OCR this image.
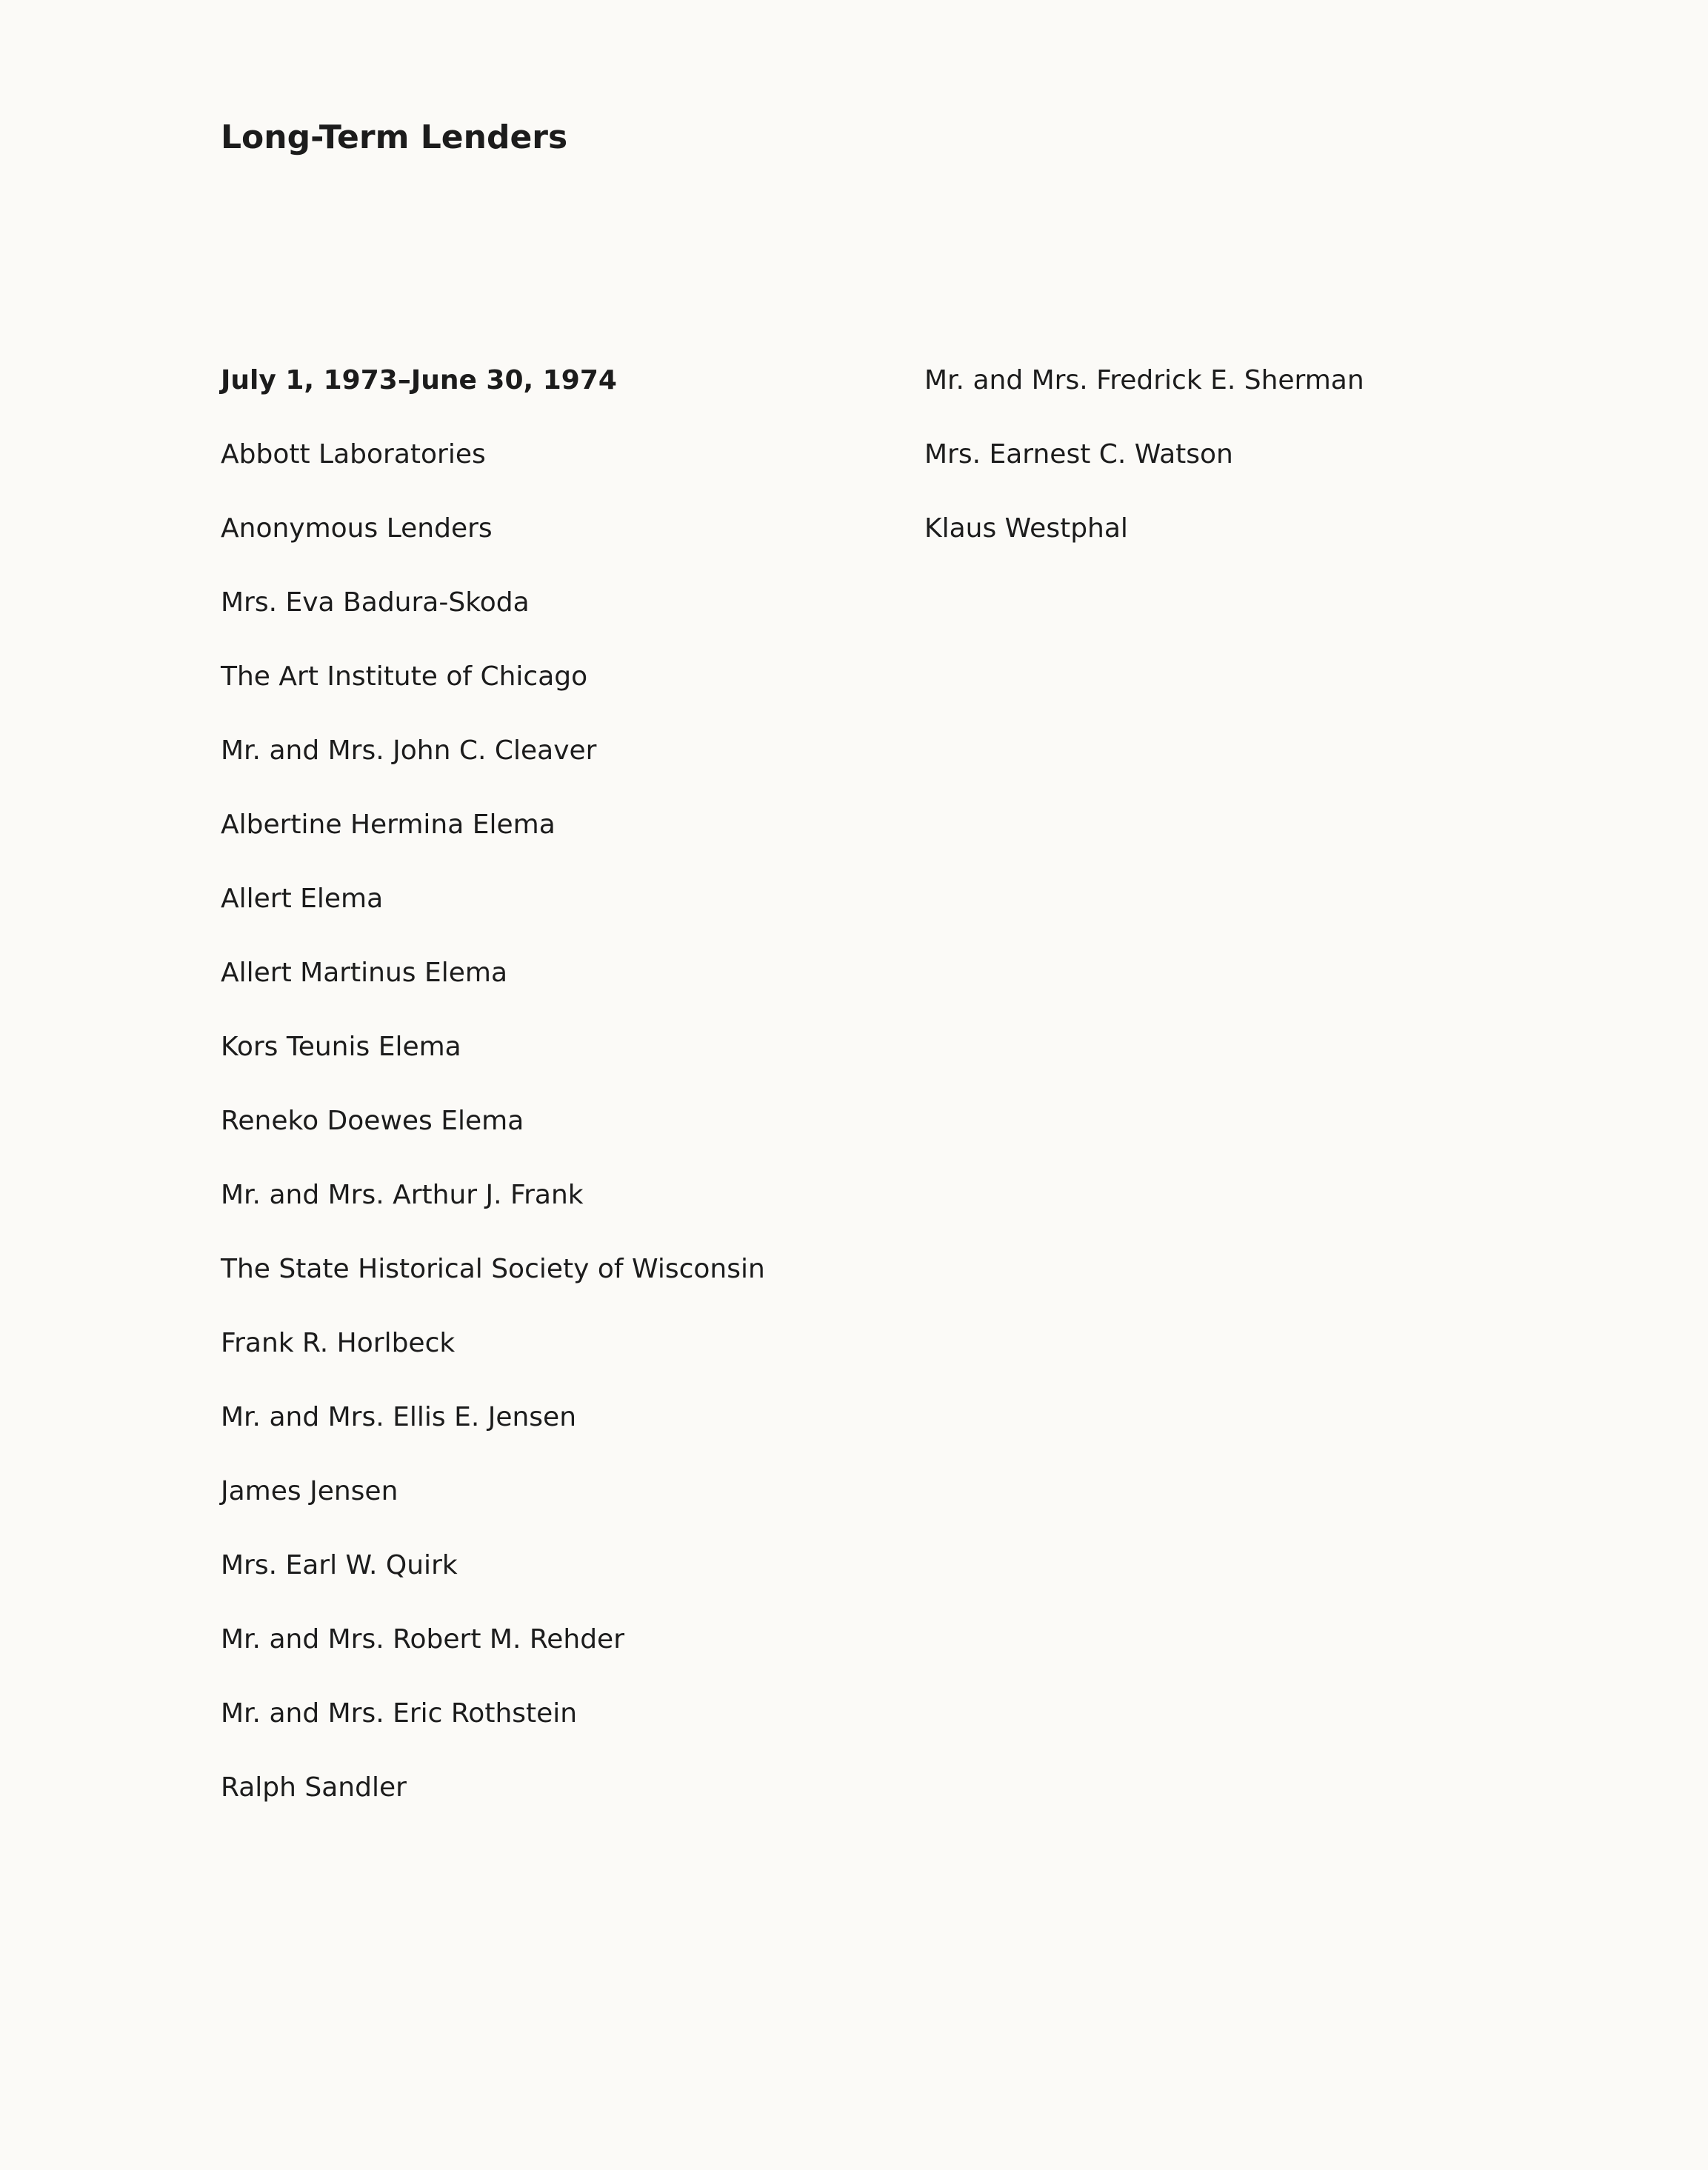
Long-Term Lenders
July 1, 1973–June 30, 1974
Abbott Laboratories
Anonymous Lenders
Mrs. Eva Badura-Skoda
The Art Institute of Chicago
Mr. and Mrs. John C. Cleaver
Albertine Hermina Elema
Allert Elema
Allert Martinus Elema
Kors Teunis Elema
Reneko Doewes Elema
Mr. and Mrs. Arthur J. Frank
The State Historical Society of Wisconsin
Frank R. Horlbeck
Mr. and Mrs. Ellis E. Jensen
James Jensen
Mrs. Earl W. Quirk
Mr. and Mrs. Robert M. Rehder
Mr. and Mrs. Eric Rothstein
Ralph Sandler
Mr. and Mrs. Fredrick E. Sherman
Mrs. Earnest C. Watson
Klaus Westphal
